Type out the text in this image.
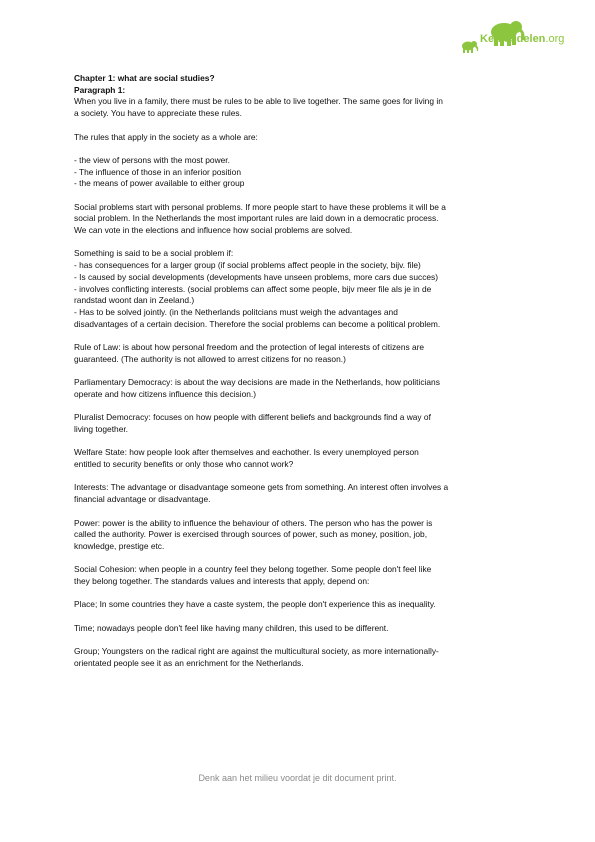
Kennisdelen.org
Chapter 1: what are social studies?
Paragraph 1:

When you live in a family, there must be rules to be able to live together. The same goes for living in
a society. You have to appreciate these rules.

The rules that apply in the society as a whole are:

- the view of persons with the most power.
- The influence of those in an inferior position
- the means of power available to either group

Social problems start with personal problems. If more people start to have these problems it will be a
social problem. In the Netherlands the most important rules are laid down in a democratic process.
We can vote in the elections and influence how social problems are solved.

Something is said to be a social problem if:
- has consequences for a larger group (if social problems affect people in the society, bijv. file)
- Is caused by social developments (developments have unseen problems, more cars due succes)
- involves conflicting interests. (social problems can affect some people, bijv meer file als je in de
randstad woont dan in Zeeland.)
- Has to be solved jointly. (in the Netherlands politcians must weigh the advantages and
disadvantages of a certain decision. Therefore the social problems can become a political problem.

Rule of Law: is about how personal freedom and the protection of legal interests of citizens are
guaranteed. (The authority is not allowed to arrest citizens for no reason.)

Parliamentary Democracy: is about the way decisions are made in the Netherlands, how politicians
operate and how citizens influence this decision.)

Pluralist Democracy: focuses on how people with different beliefs and backgrounds find a way of
living together.

Welfare State: how people look after themselves and eachother. Is every unemployed person
entitled to security benefits or only those who cannot work?

Interests: The advantage or disadvantage someone gets from something. An interest often involves a
financial advantage or disadvantage.

Power: power is the ability to influence the behaviour of others. The person who has the power is
called the authority. Power is exercised through sources of power, such as money, position, job,
knowledge, prestige etc.

Social Cohesion: when people in a country feel they belong together. Some people don't feel like
they belong together. The standards values and interests that apply, depend on:

Place; In some countries they have a caste system, the people don't experience this as inequality.

Time; nowadays people don't feel like having many children, this used to be different.

Group; Youngsters on the radical right are against the multicultural society, as more internationally-
orientated people see it as an enrichment for the Netherlands.

Denk aan het milieu voordat je dit document print.
